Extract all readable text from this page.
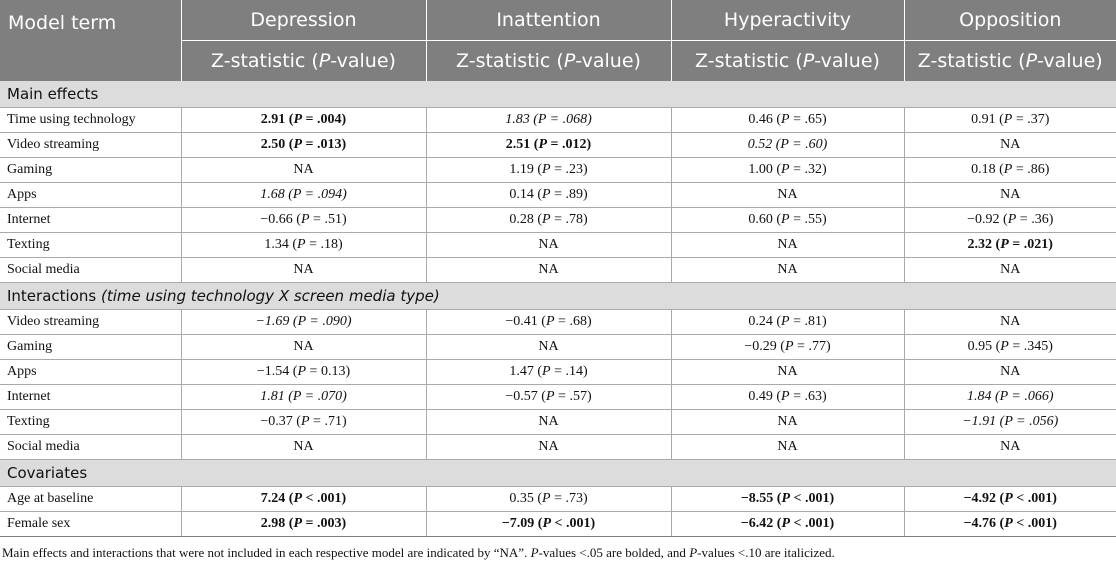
Model term	Depression	Inattention	Hyperactivity	Opposition
	Z-statistic (P-value)	Z-statistic (P-value)	Z-statistic (P-value)	Z-statistic (P-value)
Main effects				
Time using technology	2.91 (P = .004)	1.83 (P = .068)	0.46 (P = .65)	0.91 (P = .37)
Video streaming	2.50 (P = .013)	2.51 (P = .012)	0.52 (P = .60)	NA
Gaming	NA	1.19 (P = .23)	1.00 (P = .32)	0.18 (P = .86)
Apps	1.68 (P = .094)	0.14 (P = .89)	NA	NA
Internet	−0.66 (P = .51)	0.28 (P = .78)	0.60 (P = .55)	−0.92 (P = .36)
Texting	1.34 (P = .18)	NA	NA	2.32 (P = .021)
Social media	NA	NA	NA	NA
Interactions (time using technology X screen media type)				
Video streaming	−1.69 (P = .090)	−0.41 (P = .68)	0.24 (P = .81)	NA
Gaming	NA	NA	−0.29 (P = .77)	0.95 (P = .345)
Apps	−1.54 (P = 0.13)	1.47 (P = .14)	NA	NA
Internet	1.81 (P = .070)	−0.57 (P = .57)	0.49 (P = .63)	1.84 (P = .066)
Texting	−0.37 (P = .71)	NA	NA	−1.91 (P = .056)
Social media	NA	NA	NA	NA
Covariates				
Age at baseline	7.24 (P < .001)	0.35 (P = .73)	−8.55 (P < .001)	−4.92 (P < .001)
Female sex	2.98 (P = .003)	−7.09 (P < .001)	−6.42 (P < .001)	−4.76 (P < .001)
Main effects and interactions that were not included in each respective model are indicated by “NA”. P-values <.05 are bolded, and P-values <.10 are italicized.
